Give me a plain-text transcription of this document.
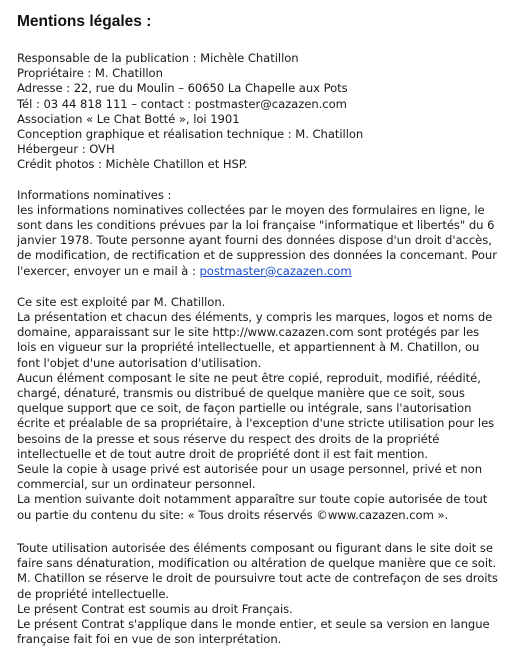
Mentions légales :
Responsable de la publication : Michèle Chatillon
Propriétaire : M. Chatillon
Adresse : 22, rue du Moulin – 60650 La Chapelle aux Pots
Tél : 03 44 818 111 – contact : postmaster@cazazen.com
Association « Le Chat Botté », loi 1901
Conception graphique et réalisation technique : M. Chatillon
Hébergeur : OVH
Crédit photos : Michèle Chatillon et HSP.
Informations nominatives :
les informations nominatives collectées par le moyen des formulaires en ligne, le
sont dans les conditions prévues par la loi française "informatique et libertés" du 6
janvier 1978. Toute personne ayant fourni des données dispose d'un droit d'accès,
de modification, de rectification et de suppression des données la concemant. Pour
l'exercer, envoyer un e mail à : postmaster@cazazen.com
Ce site est exploité par M. Chatillon.
La présentation et chacun des éléments, y compris les marques, logos et noms de
domaine, apparaissant sur le site http://www.cazazen.com sont protégés par les
lois en vigueur sur la propriété intellectuelle, et appartiennent à M. Chatillon, ou
font l'objet d'une autorisation d'utilisation.
Aucun élément composant le site ne peut être copié, reproduit, modifié, réédité,
chargé, dénaturé, transmis ou distribué de quelque manière que ce soit, sous
quelque support que ce soit, de façon partielle ou intégrale, sans l'autorisation
écrite et préalable de sa propriétaire, à l'exception d'une stricte utilisation pour les
besoins de la presse et sous réserve du respect des droits de la propriété
intellectuelle et de tout autre droit de propriété dont il est fait mention.
Seule la copie à usage privé est autorisée pour un usage personnel, privé et non
commercial, sur un ordinateur personnel.
La mention suivante doit notamment apparaître sur toute copie autorisée de tout
ou partie du contenu du site: « Tous droits réservés ©www.cazazen.com ».
Toute utilisation autorisée des éléments composant ou figurant dans le site doit se
faire sans dénaturation, modification ou altération de quelque manière que ce soit.
M. Chatillon se réserve le droit de poursuivre tout acte de contrefaçon de ses droits
de propriété intellectuelle.
Le présent Contrat est soumis au droit Français.
Le présent Contrat s'applique dans le monde entier, et seule sa version en langue
française fait foi en vue de son interprétation.
